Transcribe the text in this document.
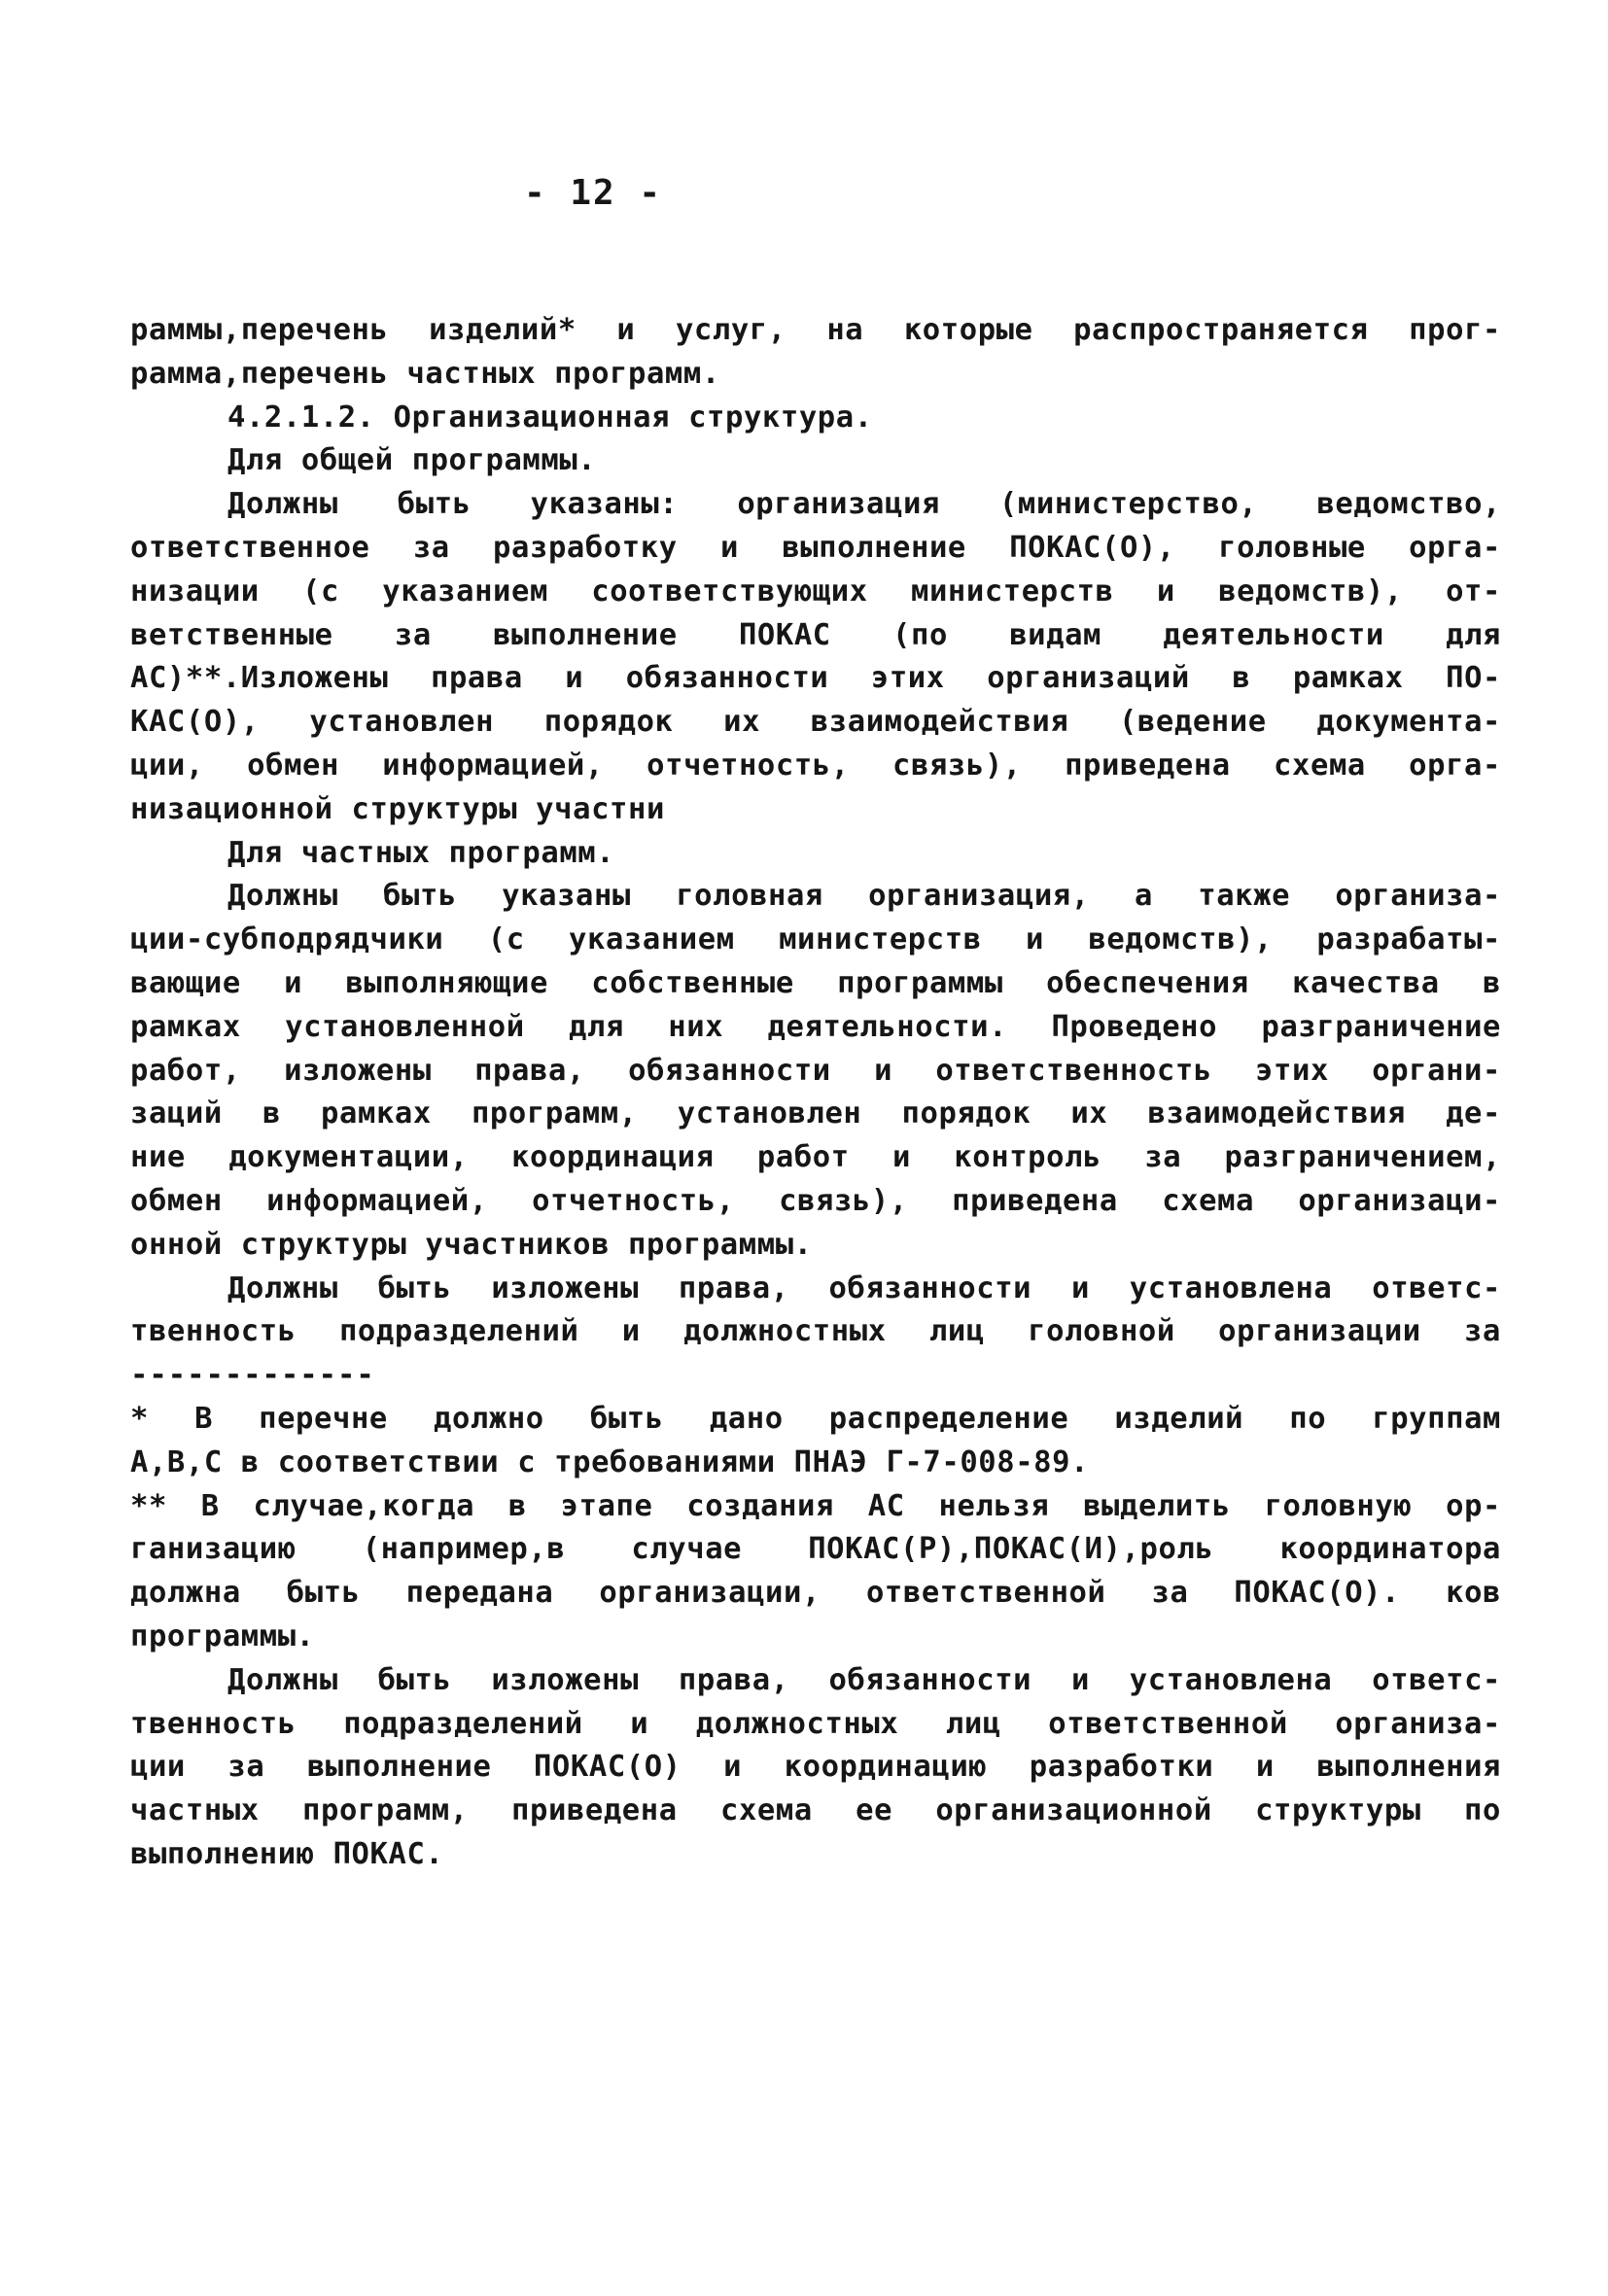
- 12 -
раммы,перечень изделий* и услуг, на которые распространяется прог-
рамма,перечень частных программ.
4.2.1.2. Организационная структура.
Для общей программы.
Должны быть указаны: организация (министерство, ведомство,
ответственное за разработку и выполнение ПОКАС(О), головные орга-
низации (с указанием соответствующих министерств и ведомств), от-
ветственные за выполнение ПОКАС (по видам деятельности для
АС)**.Изложены права и обязанности этих организаций в рамках ПО-
КАС(О), установлен порядок их взаимодействия (ведение документа-
ции, обмен информацией, отчетность, связь), приведена схема орга-
низационной структуры участни
Для частных программ.
Должны быть указаны головная организация, а также организа-
ции-субподрядчики (с указанием министерств и ведомств), разрабаты-
вающие и выполняющие собственные программы обеспечения качества в
рамках установленной для них деятельности. Проведено разграничение
работ, изложены права, обязанности и ответственность этих органи-
заций в рамках программ, установлен порядок их взаимодействия де-
ние документации, координация работ и контроль за разграничением,
обмен информацией, отчетность, связь), приведена схема организаци-
онной структуры участников программы.
Должны быть изложены права, обязанности и установлена ответс-
твенность подразделений и должностных лиц головной организации за
-------------
* В перечне должно быть дано распределение изделий по группам
А,В,С в соответствии с требованиями ПНАЭ Г-7-008-89.
** В случае,когда в этапе создания АС нельзя выделить головную ор-
ганизацию (например,в случае ПОКАС(Р),ПОКАС(И),роль координатора
должна быть передана организации, ответственной за ПОКАС(О). ков
программы.
Должны быть изложены права, обязанности и установлена ответс-
твенность подразделений и должностных лиц ответственной организа-
ции за выполнение ПОКАС(О) и координацию разработки и выполнения
частных программ, приведена схема ее организационной структуры по
выполнению ПОКАС.
